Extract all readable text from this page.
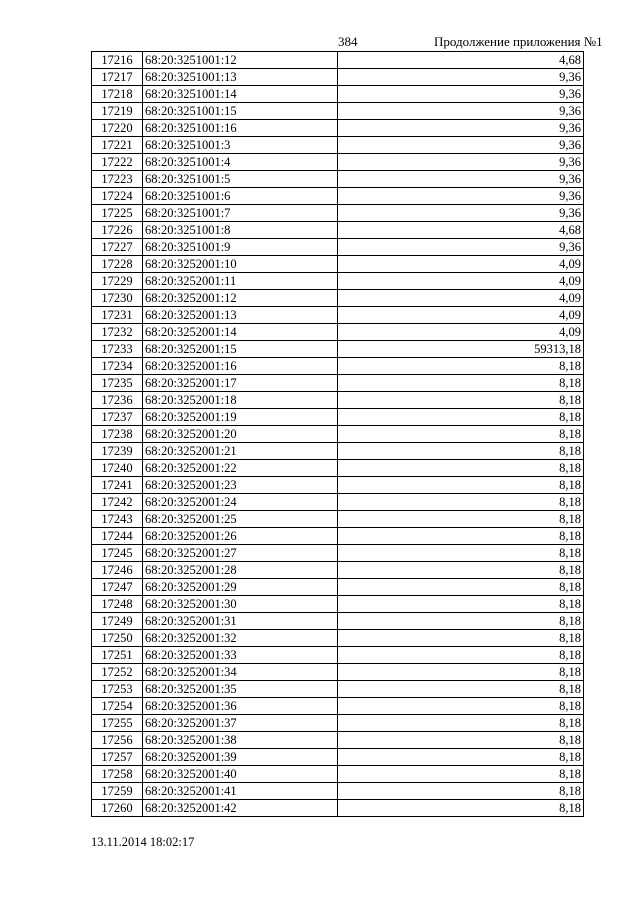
384	Продолжение приложения №1
17216	68:20:3251001:12	4,68
17217	68:20:3251001:13	9,36
17218	68:20:3251001:14	9,36
17219	68:20:3251001:15	9,36
17220	68:20:3251001:16	9,36
17221	68:20:3251001:3	9,36
17222	68:20:3251001:4	9,36
17223	68:20:3251001:5	9,36
17224	68:20:3251001:6	9,36
17225	68:20:3251001:7	9,36
17226	68:20:3251001:8	4,68
17227	68:20:3251001:9	9,36
17228	68:20:3252001:10	4,09
17229	68:20:3252001:11	4,09
17230	68:20:3252001:12	4,09
17231	68:20:3252001:13	4,09
17232	68:20:3252001:14	4,09
17233	68:20:3252001:15	59313,18
17234	68:20:3252001:16	8,18
17235	68:20:3252001:17	8,18
17236	68:20:3252001:18	8,18
17237	68:20:3252001:19	8,18
17238	68:20:3252001:20	8,18
17239	68:20:3252001:21	8,18
17240	68:20:3252001:22	8,18
17241	68:20:3252001:23	8,18
17242	68:20:3252001:24	8,18
17243	68:20:3252001:25	8,18
17244	68:20:3252001:26	8,18
17245	68:20:3252001:27	8,18
17246	68:20:3252001:28	8,18
17247	68:20:3252001:29	8,18
17248	68:20:3252001:30	8,18
17249	68:20:3252001:31	8,18
17250	68:20:3252001:32	8,18
17251	68:20:3252001:33	8,18
17252	68:20:3252001:34	8,18
17253	68:20:3252001:35	8,18
17254	68:20:3252001:36	8,18
17255	68:20:3252001:37	8,18
17256	68:20:3252001:38	8,18
17257	68:20:3252001:39	8,18
17258	68:20:3252001:40	8,18
17259	68:20:3252001:41	8,18
17260	68:20:3252001:42	8,18
13.11.2014 18:02:17
